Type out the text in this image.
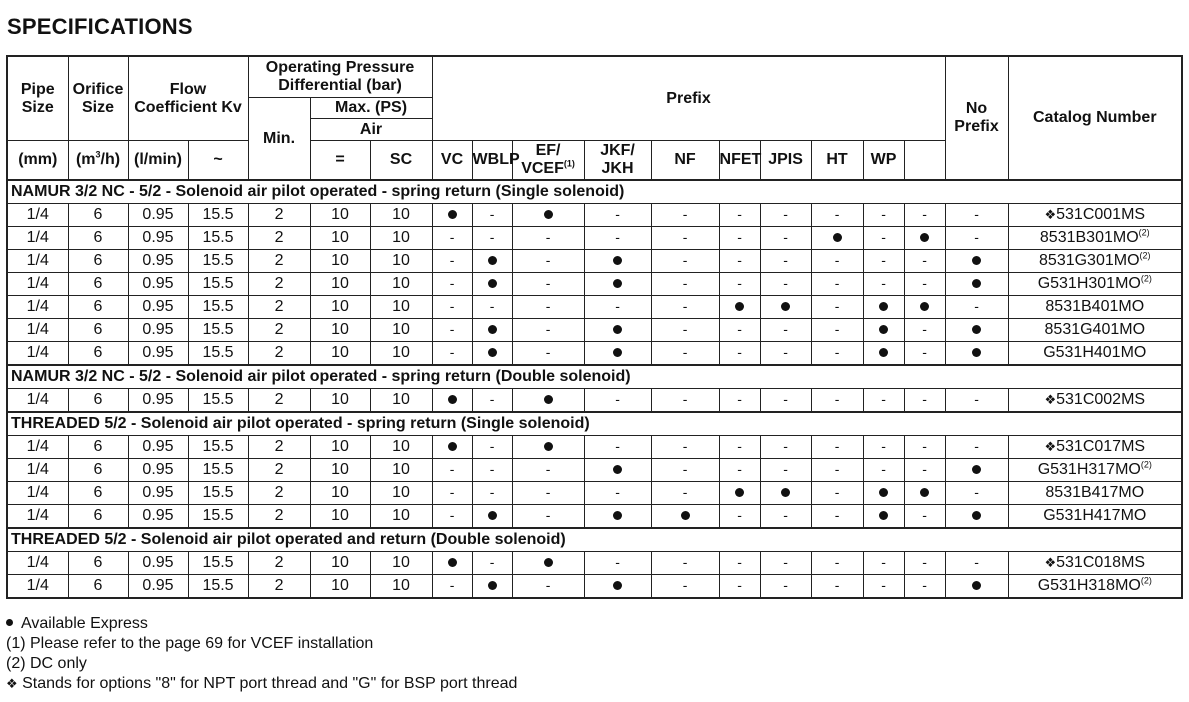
SPECIFICATIONS
Pipe Size	Orifice Size	Flow Coefficient Kv		Operating Pressure Differential (bar)			Prefix										No Prefix	Catalog Number
				Min.	Max. (PS)													
					Air													
(mm)	$(m^3/h)$	(l/min)	~		=	SC	VC	WBLP	EF/ VCEF$^{(1)}$	JKF/ JKH	NF	NFET	JPIS	HT	WP			
NAMUR 3/2 NC - 5/2 - Solenoid air pilot operated - spring return (Single solenoid)																		
1/4	6	0.95	15.5	2	10	10		-		-	-	-	-	-	-	-	-	❖531C001MS
1/4	6	0.95	15.5	2	10	10	-	-	-	-	-	-	-		-		-	8531B301MO$^{(2)}$
1/4	6	0.95	15.5	2	10	10	-		-		-	-	-	-	-	-		8531G301MO$^{(2)}$
1/4	6	0.95	15.5	2	10	10	-		-		-	-	-	-	-	-		G531H301MO$^{(2)}$
1/4	6	0.95	15.5	2	10	10	-	-	-	-	-			-			-	8531B401MO
1/4	6	0.95	15.5	2	10	10	-		-		-	-	-	-		-		8531G401MO
1/4	6	0.95	15.5	2	10	10	-		-		-	-	-	-		-		G531H401MO
NAMUR 3/2 NC - 5/2 - Solenoid air pilot operated - spring return (Double solenoid)																		
1/4	6	0.95	15.5	2	10	10		-		-	-	-	-	-	-	-	-	❖531C002MS
THREADED 5/2 - Solenoid air pilot operated - spring return (Single solenoid)																		
1/4	6	0.95	15.5	2	10	10		-		-	-	-	-	-	-	-	-	❖531C017MS
1/4	6	0.95	15.5	2	10	10	-	-	-		-	-	-	-	-	-		G531H317MO$^{(2)}$
1/4	6	0.95	15.5	2	10	10	-	-	-	-	-			-			-	8531B417MO
1/4	6	0.95	15.5	2	10	10	-		-			-	-	-		-		G531H417MO
THREADED 5/2 - Solenoid air pilot operated and return (Double solenoid)																		
1/4	6	0.95	15.5	2	10	10		-		-	-	-	-	-	-	-	-	❖531C018MS
1/4	6	0.95	15.5	2	10	10	-		-		-	-	-	-	-	-		G531H318MO$^{(2)}$
Available Express
(1) Please refer to the page 69 for VCEF installation
(2) DC only
❖ Stands for options "8" for NPT port thread and "G" for BSP port thread
